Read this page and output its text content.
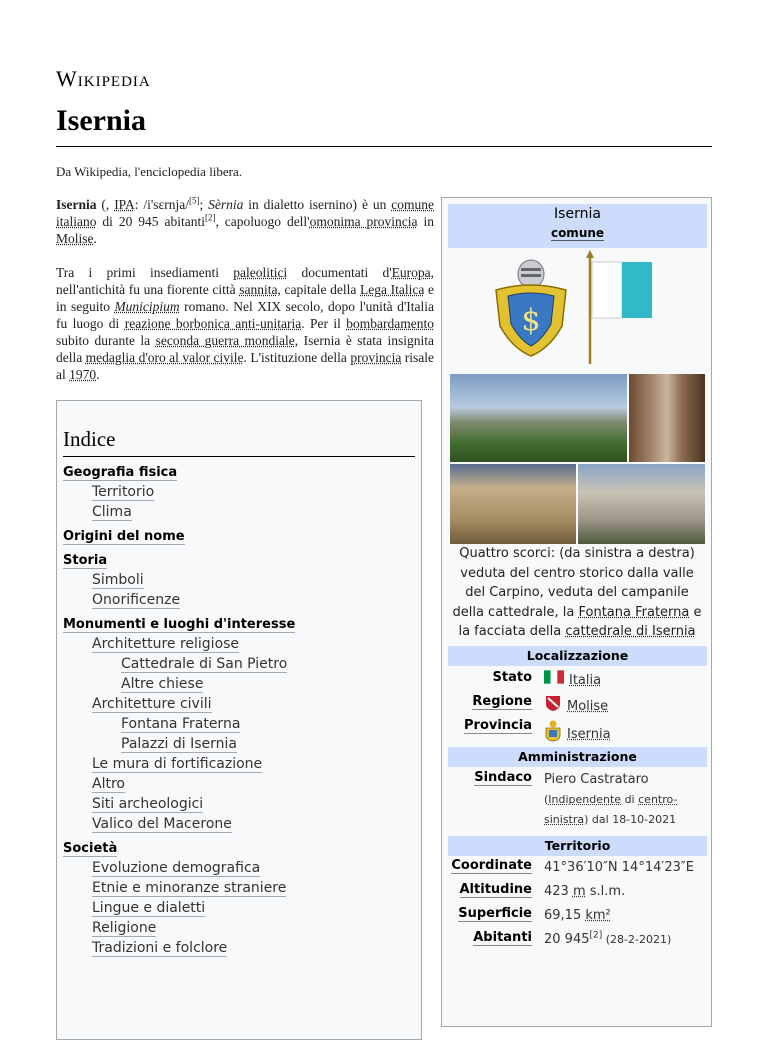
Wikipedia
Isernia
Da Wikipedia, l'enciclopedia libera.

Isernia (, IPA: /i'sɛrnja/[5]; Sèrnia in dialetto isernino) è un comune italiano di 20 945 abitanti[2], capoluogo dell'omonima provincia in Molise.

Tra i primi insediamenti paleolitici documentati d'Europa, nell'antichità fu una fiorente città sannita, capitale della Lega Italica e in seguito Municipium romano. Nel XIX secolo, dopo l'unità d'Italia fu luogo di reazione borbonica anti-unitaria. Per il bombardamento subito durante la seconda guerra mondiale, Isernia è stata insignita della medaglia d'oro al valor civile. L'istituzione della provincia risale al 1970.

Indice
Geografia fisica
Territorio
Clima
Origini del nome
Storia
Simboli
Onorificenze
Monumenti e luoghi d'interesse
Architetture religiose
Cattedrale di San Pietro
Altre chiese
Architetture civili
Fontana Fraterna
Palazzi di Isernia
Le mura di fortificazione
Altro
Siti archeologici
Valico del Macerone
Società
Evoluzione demografica
Etnie e minoranze straniere
Lingue e dialetti
Religione
Tradizioni e folclore
Isernia
comune
$
Quattro scorci: (da sinistra a destra) veduta del centro storico dalla valle del Carpino, veduta del campanile della cattedrale, la Fontana Fraterna e la facciata della cattedrale di Isernia
Localizzazione
Stato	Italia
Regione	Molise
Provincia
Isernia
Amministrazione
Sindaco Piero Castrataro
(Indipendente di centro-sinistra) dal 18-10-2021
Territorio
Coordinate 41°36′10″N 14°14′23″E
Altitudine 423 m s.l.m.
Superficie 69,15 km²
Abitanti 20 945[2] (28-2-2021)
